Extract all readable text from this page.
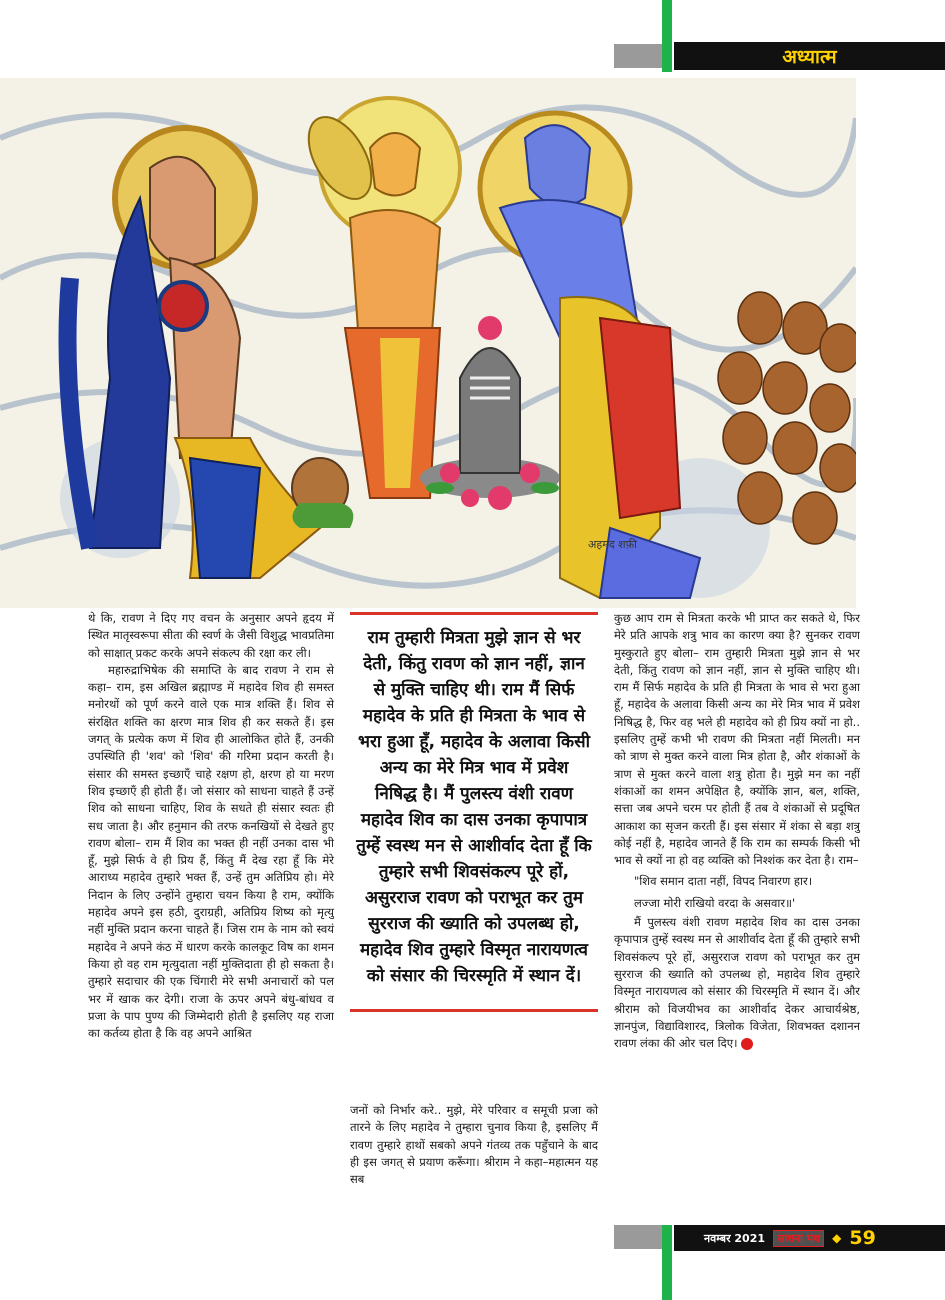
अध्यात्म
अहमद शफ़ी

थे कि, रावण ने दिए गए वचन के अनुसार अपने हृदय में स्थित मातृस्वरूपा सीता की स्वर्ण के जैसी विशुद्ध भावप्रतिमा को साक्षात् प्रकट करके अपने संकल्प की रक्षा कर ली।

महारुद्राभिषेक की समाप्ति के बाद रावण ने राम से कहा– राम, इस अखिल ब्रह्माण्ड में महादेव शिव ही समस्त मनोरथों को पूर्ण करने वाले एक मात्र शक्ति हैं। शिव से संरक्षित शक्ति का क्षरण मात्र शिव ही कर सकते हैं। इस जगत् के प्रत्येक कण में शिव ही आलोकित होते हैं, उनकी उपस्थिति ही 'शव' को 'शिव' की गरिमा प्रदान करती है। संसार की समस्त इच्छाएँ चाहे रक्षण हो, क्षरण हो या मरण शिव इच्छाएँ ही होती हैं। जो संसार को साधना चाहते हैं उन्हें शिव को साधना चाहिए, शिव के सधते ही संसार स्वतः ही सध जाता है। और हनुमान की तरफ कनखियों से देखते हुए रावण बोला– राम मैं शिव का भक्त ही नहीं उनका दास भी हूँ, मुझे सिर्फ वे ही प्रिय हैं, किंतु मैं देख रहा हूँ कि मेरे आराध्य महादेव तुम्हारे भक्त हैं, उन्हें तुम अतिप्रिय हो। मेरे निदान के लिए उन्होंने तुम्हारा चयन किया है राम, क्योंकि महादेव अपने इस हठी, दुराग्रही, अतिप्रिय शिष्य को मृत्यु नहीं मुक्ति प्रदान करना चाहते हैं। जिस राम के नाम को स्वयं महादेव ने अपने कंठ में धारण करके कालकूट विष का शमन किया हो वह राम मृत्युदाता नहीं मुक्तिदाता ही हो सकता है। तुम्हारे सदाचार की एक चिंगारी मेरे सभी अनाचारों को पल भर में खाक कर देगी। राजा के ऊपर अपने बंधु-बांधव व प्रजा के पाप पुण्य की जिम्मेदारी होती है इसलिए यह राजा का कर्तव्य होता है कि वह अपने आश्रित

राम तुम्हारी मित्रता मुझे ज्ञान से भर देती, किंतु रावण को ज्ञान नहीं, ज्ञान से मुक्ति चाहिए थी। राम मैं सिर्फ महादेव के प्रति ही मित्रता के भाव से भरा हुआ हूँ, महादेव के अलावा किसी अन्य का मेरे मित्र भाव में प्रवेश निषिद्ध है। मैं पुलस्त्य वंशी रावण महादेव शिव का दास उनका कृपापात्र तुम्हें स्वस्थ मन से आशीर्वाद देता हूँ कि तुम्हारे सभी शिवसंकल्प पूरे हों, असुरराज रावण को पराभूत कर तुम सुरराज की ख्याति को उपलब्ध हो, महादेव शिव तुम्हारे विस्मृत नारायणत्व को संसार की चिरस्मृति में स्थान दें।

जनों को निर्भार करे.. मुझे, मेरे परिवार व समूची प्रजा को तारने के लिए महादेव ने तुम्हारा चुनाव किया है, इसलिए मैं रावण तुम्हारे हाथों सबको अपने गंतव्य तक पहुँचाने के बाद ही इस जगत् से प्रयाण करूँगा। श्रीराम ने कहा–महात्मन यह सब

कुछ आप राम से मित्रता करके भी प्राप्त कर सकते थे, फिर मेरे प्रति आपके शत्रु भाव का कारण क्या है? सुनकर रावण मुस्कुराते हुए बोला– राम तुम्हारी मित्रता मुझे ज्ञान से भर देती, किंतु रावण को ज्ञान नहीं, ज्ञान से मुक्ति चाहिए थी। राम मैं सिर्फ महादेव के प्रति ही मित्रता के भाव से भरा हुआ हूँ, महादेव के अलावा किसी अन्य का मेरे मित्र भाव में प्रवेश निषिद्ध है, फिर वह भले ही महादेव को ही प्रिय क्यों ना हो.. इसलिए तुम्हें कभी भी रावण की मित्रता नहीं मिलती। मन को त्राण से मुक्त करने वाला मित्र होता है, और शंकाओं के त्राण से मुक्त करने वाला शत्रु होता है। मुझे मन का नहीं शंकाओं का शमन अपेक्षित है, क्योंकि ज्ञान, बल, शक्ति, सत्ता जब अपने चरम पर होती हैं तब वे शंकाओं से प्रदूषित आकाश का सृजन करती हैं। इस संसार में शंका से बड़ा शत्रु कोई नहीं है, महादेव जानते हैं कि राम का सम्पर्क किसी भी भाव से क्यों ना हो वह व्यक्ति को निश्शंक कर देता है। राम–

"शिव समान दाता नहीं, विपद निवारण हार।

लज्जा मोरी राखियो वरदा के असवार॥'

मैं पुलस्त्य वंशी रावण महादेव शिव का दास उनका कृपापात्र तुम्हें स्वस्थ मन से आशीर्वाद देता हूँ की तुम्हारे सभी शिवसंकल्प पूरे हों, असुरराज रावण को पराभूत कर तुम सुरराज की ख्याति को उपलब्ध हो, महादेव शिव तुम्हारे विस्मृत नारायणत्व को संसार की चिरस्मृति में स्थान दें। और श्रीराम को विजयीभव का आशीर्वाद देकर आचार्यश्रेष्ठ, ज्ञानपुंज, विद्याविशारद, त्रिलोक विजेता, शिवभक्त दशानन रावण लंका की ओर चल दिए।

नवम्बर 2021	साधना पथ	◆ 59
